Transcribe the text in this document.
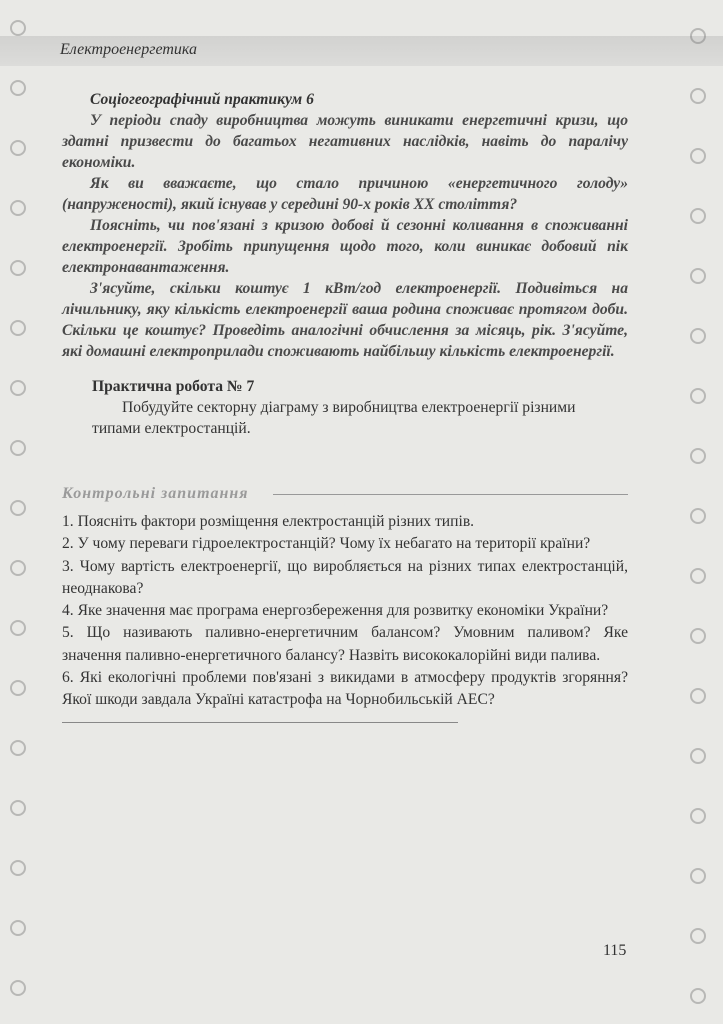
Електроенергетика

Соціогеографічний практикум 6

У періоди спаду виробництва можуть виникати енергетичні кризи, що здатні призвести до багатьох негативних наслідків, навіть до паралічу економіки.

Як ви вважаєте, що стало причиною «енергетичного голоду» (напруженості), який існував у середині 90-х років XX століття?

Поясніть, чи пов'язані з кризою добові й сезонні коливання в споживанні електроенергії. Зробіть припущення щодо того, коли виникає добовий пік електронавантаження.

З'ясуйте, скільки коштує 1 кВт/год електроенергії. Подивіться на лічильнику, яку кількість електроенергії ваша родина споживає протягом доби. Скільки це коштує? Проведіть аналогічні обчислення за місяць, рік. З'ясуйте, які домашні електроприлади споживають найбільшу кількість електроенергії.

Практична робота № 7

Побудуйте секторну діаграму з виробництва електроенергії різними типами електростанцій.

Контрольні запитання

1. Поясніть фактори розміщення електростанцій різних типів.

2. У чому переваги гідроелектростанцій? Чому їх небагато на території країни?

3. Чому вартість електроенергії, що виробляється на різних типах електростанцій, неоднакова?

4. Яке значення має програма енергозбереження для розвитку економіки України?

5. Що називають паливно-енергетичним балансом? Умовним паливом? Яке значення паливно-енергетичного балансу? Назвіть висококалорійні види палива.

6. Які екологічні проблеми пов'язані з викидами в атмосферу продуктів згоряння? Якої шкоди завдала Україні катастрофа на Чорнобильській АЕС?

115
